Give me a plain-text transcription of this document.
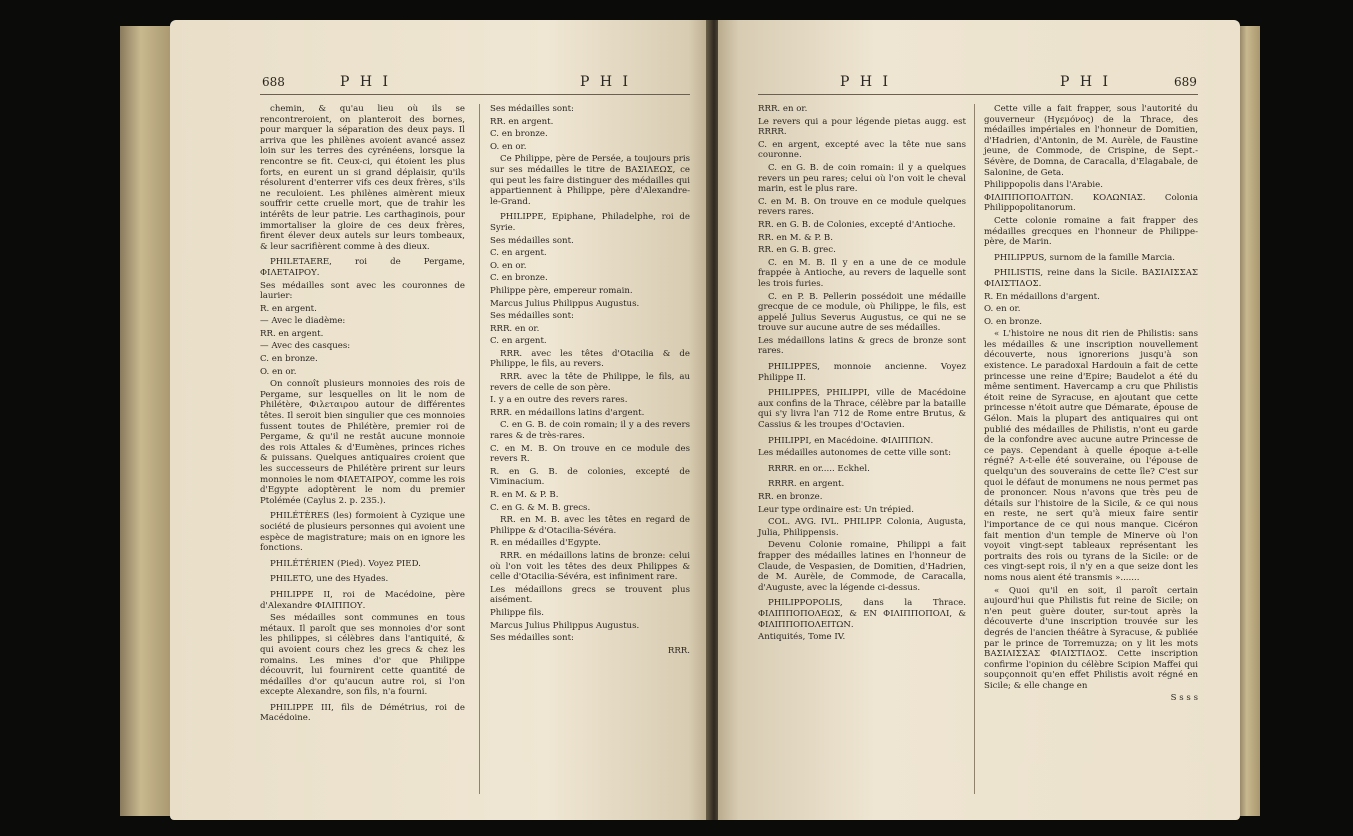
688	P H I	P H I

chemin, & qu'au lieu où ils se rencontreroient, on planteroit des bornes, pour marquer la séparation des deux pays. Il arriva que les philènes avoient avancé assez loin sur les terres des cyrénéens, lorsque la rencontre se fit. Ceux-ci, qui étoient les plus forts, en eurent un si grand déplaisir, qu'ils résolurent d'enterrer vifs ces deux frères, s'ils ne reculoient. Les philènes aimèrent mieux souffrir cette cruelle mort, que de trahir les intérêts de leur patrie. Les carthaginois, pour immortaliser la gloire de ces deux frères, firent élever deux autels sur leurs tombeaux, & leur sacrifièrent comme à des dieux.

PHILETAERE, roi de Pergame, ΦΙΛΕΤΑΙΡΟΥ.

Ses médailles sont avec les couronnes de laurier:

R. en argent.

— Avec le diadème:

RR. en argent.

— Avec des casques:

C. en bronze.

O. en or.

On connoît plusieurs monnoies des rois de Pergame, sur lesquelles on lit le nom de Philétère, Φιλεταιρου autour de différentes têtes. Il seroit bien singulier que ces monnoies fussent toutes de Philétère, premier roi de Pergame, & qu'il ne restât aucune monnoie des rois Attales & d'Eumènes, princes riches & puissans. Quelques antiquaires croient que les successeurs de Philétère prirent sur leurs monnoies le nom ΦΙΛΕΤΑΙΡΟΥ, comme les rois d'Egypte adoptèrent le nom du premier Ptolémée (Caylus 2. p. 235.).

PHILÉTÈRES (les) formoient à Cyzique une société de plusieurs personnes qui avoient une espèce de magistrature; mais on en ignore les fonctions.

PHILÉTÉRIEN (Pied). Voyez PIED.

PHILETO, une des Hyades.

PHILIPPE II, roi de Macédoine, père d'Alexandre ΦΙΛΙΠΠΟΥ.

Ses médailles sont communes en tous métaux. Il paroît que ses monnoies d'or sont les philippes, si célèbres dans l'antiquité, & qui avoient cours chez les grecs & chez les romains. Les mines d'or que Philippe découvrit, lui fournirent cette quantité de médailles d'or qu'aucun autre roi, si l'on excepte Alexandre, son fils, n'a fourni.

PHILIPPE III, fils de Démétrius, roi de Macédoine.

Ses médailles sont:

RR. en argent.

C. en bronze.

O. en or.

Ce Philippe, père de Persée, a toujours pris sur ses médailles le titre de ΒΑΣΙΛΕΩΣ, ce qui peut les faire distinguer des médailles qui appartiennent à Philippe, père d'Alexandre-le-Grand.

PHILIPPE, Epiphane, Philadelphe, roi de Syrie.

Ses médailles sont.

C. en argent.

O. en or.

C. en bronze.

Philippe père, empereur romain.

Marcus Julius Philippus Augustus.

Ses médailles sont:

RRR. en or.

C. en argent.

RRR. avec les têtes d'Otacilia & de Philippe, le fils, au revers.

RRR. avec la tête de Philippe, le fils, au revers de celle de son père.

I. y a en outre des revers rares.

RRR. en médaillons latins d'argent.

C. en G. B. de coin romain; il y a des revers rares & de très-rares.

C. en M. B. On trouve en ce module des revers R.

R. en G. B. de colonies, excepté de Viminacium.

R. en M. & P. B.

C. en G. & M. B. grecs.

RR. en M. B. avec les têtes en regard de Philippe & d'Otacilia-Sévéra.

R. en médailles d'Egypte.

RRR. en médaillons latins de bronze: celui où l'on voit les têtes des deux Philippes & celle d'Otacilia-Sévéra, est infiniment rare.

Les médaillons grecs se trouvent plus aisément.

Philippe fils.

Marcus Julius Philippus Augustus.

Ses médailles sont:

RRR.

P H I	P H I	689

RRR. en or.

Le revers qui a pour légende pietas augg. est RRRR.

C. en argent, excepté avec la tête nue sans couronne.

C. en G. B. de coin romain: il y a quelques revers un peu rares; celui où l'on voit le cheval marin, est le plus rare.

C. en M. B. On trouve en ce module quelques revers rares.

RR. en G. B. de Colonies, excepté d'Antioche.

RR. en M. & P. B.

RR. en G. B. grec.

C. en M. B. Il y en a une de ce module frappée à Antioche, au revers de laquelle sont les trois furies.

C. en P. B. Pellerin possédoit une médaille grecque de ce module, où Philippe, le fils, est appelé Julius Severus Augustus, ce qui ne se trouve sur aucune autre de ses médailles.

Les médaillons latins & grecs de bronze sont rares.

PHILIPPES, monnoie ancienne. Voyez Philippe II.

PHILIPPES, PHILIPPI, ville de Macédoine aux confins de la Thrace, célèbre par la bataille qui s'y livra l'an 712 de Rome entre Brutus, & Cassius & les troupes d'Octavien.

PHILIPPI, en Macédoine. ΦΙΛΙΠΠΩΝ.

Les médailles autonomes de cette ville sont:

RRRR. en or..... Eckhel.

RRRR. en argent.

RR. en bronze.

Leur type ordinaire est: Un trépied.

COL. AVG. IVL. PHILIPP. Colonia, Augusta, Julia, Philippensis.

Devenu Colonie romaine, Philippi a fait frapper des médailles latines en l'honneur de Claude, de Vespasien, de Domitien, d'Hadrien, de M. Aurèle, de Commode, de Caracalla, d'Auguste, avec la légende ci-dessus.

PHILIPPOPOLIS, dans la Thrace. ΦΙΛΙΠΠΟΠΟΛΕΩΣ, & ΕΝ ΦΙΛΙΠΠΟΠΟΛΙ, & ΦΙΛΙΠΠΟΠΟΛΕΙΤΩΝ.

Antiquités, Tome IV.

Cette ville a fait frapper, sous l'autorité du gouverneur (Ηγεμόνος) de la Thrace, des médailles impériales en l'honneur de Domitien, d'Hadrien, d'Antonin, de M. Aurèle, de Faustine jeune, de Commode, de Crispine, de Sept.-Sévère, de Domna, de Caracalla, d'Elagabale, de Salonine, de Geta.

Philippopolis dans l'Arabie.

ΦΙΛΙΠΠΟΠΟΛΙΤΩΝ. ΚΟΛΩΝΙΑΣ. Colonia Philippopolitanorum.

Cette colonie romaine a fait frapper des médailles grecques en l'honneur de Philippe-père, de Marin.

PHILIPPUS, surnom de la famille Marcia.

PHILISTIS, reine dans la Sicile. ΒΑΣΙΛΙΣΣΑΣ ΦΙΛΙΣΤΙΔΟΣ.

R. En médaillons d'argent.

O. en or.

O. en bronze.

« L'histoire ne nous dit rien de Philistis: sans les médailles & une inscription nouvellement découverte, nous ignorerions jusqu'à son existence. Le paradoxal Hardouin a fait de cette princesse une reine d'Epire; Baudelot a été du même sentiment. Havercamp a cru que Philistis étoit reine de Syracuse, en ajoutant que cette princesse n'étoit autre que Démarate, épouse de Gélon. Mais la plupart des antiquaires qui ont publié des médailles de Philistis, n'ont eu garde de la confondre avec aucune autre Princesse de ce pays. Cependant à quelle époque a-t-elle régné? A-t-elle été souveraine, ou l'épouse de quelqu'un des souverains de cette île? C'est sur quoi le défaut de monumens ne nous permet pas de prononcer. Nous n'avons que très peu de détails sur l'histoire de la Sicile, & ce qui nous en reste, ne sert qu'à mieux faire sentir l'importance de ce qui nous manque. Cicéron fait mention d'un temple de Minerve où l'on voyoit vingt-sept tableaux représentant les portraits des rois ou tyrans de la Sicile: or de ces vingt-sept rois, il n'y en a que seize dont les noms nous aient été transmis ».......

« Quoi qu'il en soit, il paroît certain aujourd'hui que Philistis fut reine de Sicile; on n'en peut guère douter, sur-tout après la découverte d'une inscription trouvée sur les degrés de l'ancien théâtre à Syracuse, & publiée par le prince de Torremuzza; on y lit les mots ΒΑΣΙΛΙΣΣΑΣ ΦΙΛΙΣΤΙΔΟΣ. Cette inscription confirme l'opinion du célèbre Scipion Maffei qui soupçonnoit qu'en effet Philistis avoit régné en Sicile; & elle change en

S s s s
